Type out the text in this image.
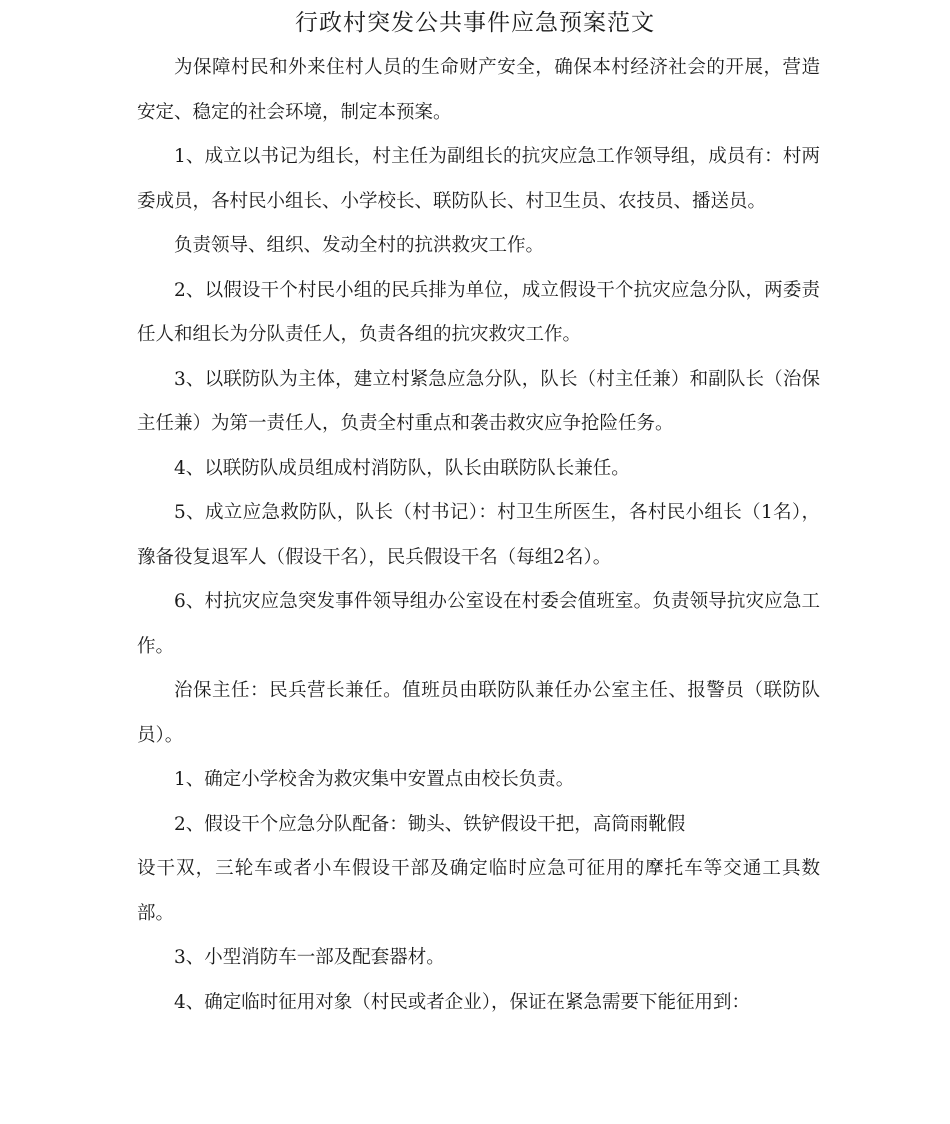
行政村突发公共事件应急预案范文

为保障村民和外来住村人员的生命财产安全，确保本村经济社会的开展，营造安定、稳定的社会环境，制定本预案。

1、成立以书记为组长，村主任为副组长的抗灾应急工作领导组，成员有：村两委成员，各村民小组长、小学校长、联防队长、村卫生员、农技员、播送员。

负责领导、组织、发动全村的抗洪救灾工作。

2、以假设干个村民小组的民兵排为单位，成立假设干个抗灾应急分队，两委责任人和组长为分队责任人，负责各组的抗灾救灾工作。

3、以联防队为主体，建立村紧急应急分队，队长（村主任兼）和副队长（治保主任兼）为第一责任人，负责全村重点和袭击救灾应争抢险任务。

4、以联防队成员组成村消防队，队长由联防队长兼任。

5、成立应急救防队，队长（村书记）：村卫生所医生，各村民小组长（1名），豫备役复退军人（假设干名），民兵假设干名（每组2名）。

6、村抗灾应急突发事件领导组办公室设在村委会值班室。负责领导抗灾应急工作。

治保主任：民兵营长兼任。值班员由联防队兼任办公室主任、报警员（联防队员）。

1、确定小学校舍为救灾集中安置点由校长负责。

2、假设干个应急分队配备：锄头、铁铲假设干把，高筒雨靴假

设干双，三轮车或者小车假设干部及确定临时应急可征用的摩托车等交通工具数部。

3、小型消防车一部及配套器材。

4、确定临时征用对象（村民或者企业），保证在紧急需要下能征用到：
